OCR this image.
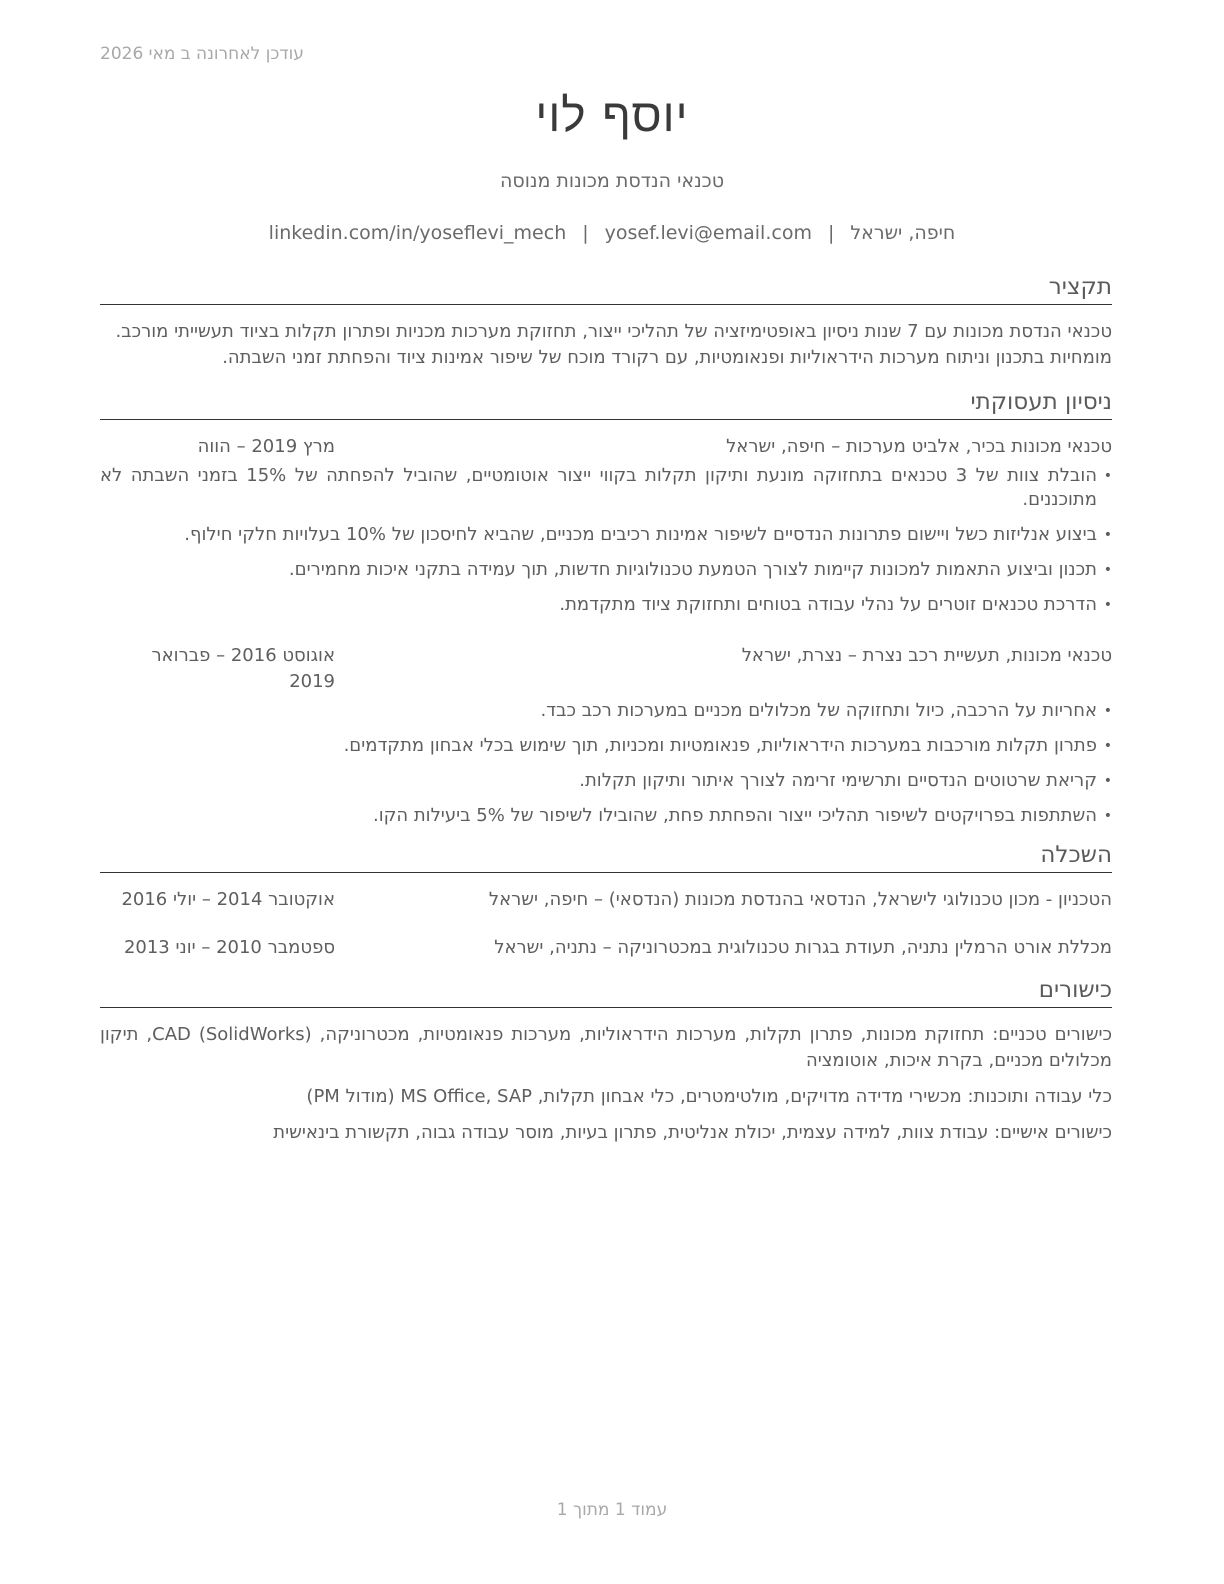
עודכן לאחרונה ב מאי 2026
יוסף לוי
טכנאי הנדסת מכונות מנוסה
linkedin.com/in/yoseflevi_mech | yosef.levi@email.com | חיפה, ישראל
תקציר

טכנאי הנדסת מכונות עם 7 שנות ניסיון באופטימיזציה של תהליכי ייצור, תחזוקת מערכות מכניות ופתרון תקלות בציוד תעשייתי מורכב.

מומחיות בתכנון וניתוח מערכות הידראוליות ופנאומטיות, עם רקורד מוכח של שיפור אמינות ציוד והפחתת זמני השבתה.

ניסיון תעסוקתי
טכנאי מכונות בכיר, אלביט מערכות – חיפה, ישראל
מרץ 2019 – הווה
• הובלת צוות של 3 טכנאים בתחזוקה מונעת ותיקון תקלות בקווי ייצור אוטומטיים, שהוביל להפחתה של 15% בזמני השבתה לא מתוכננים.
• ביצוע אנליזות כשל ויישום פתרונות הנדסיים לשיפור אמינות רכיבים מכניים, שהביא לחיסכון של 10% בעלויות חלקי חילוף.
• תכנון וביצוע התאמות למכונות קיימות לצורך הטמעת טכנולוגיות חדשות, תוך עמידה בתקני איכות מחמירים.
• הדרכת טכנאים זוטרים על נהלי עבודה בטוחים ותחזוקת ציוד מתקדמת.
טכנאי מכונות, תעשיית רכב נצרת – נצרת, ישראל
אוגוסט 2016 – פברואר 2019
• אחריות על הרכבה, כיול ותחזוקה של מכלולים מכניים במערכות רכב כבד.
• פתרון תקלות מורכבות במערכות הידראוליות, פנאומטיות ומכניות, תוך שימוש בכלי אבחון מתקדמים.
• קריאת שרטוטים הנדסיים ותרשימי זרימה לצורך איתור ותיקון תקלות.
• השתתפות בפרויקטים לשיפור תהליכי ייצור והפחתת פחת, שהובילו לשיפור של 5% ביעילות הקו.
השכלה
הטכניון - מכון טכנולוגי לישראל, הנדסאי בהנדסת מכונות (הנדסאי) – חיפה, ישראל
אוקטובר 2014 – יולי 2016
מכללת אורט הרמלין נתניה, תעודת בגרות טכנולוגית במכטרוניקה – נתניה, ישראל
ספטמבר 2010 – יוני 2013
כישורים

כישורים טכניים: תחזוקת מכונות, פתרון תקלות, מערכות הידראוליות, מערכות פנאומטיות, מכטרוניקה, CAD (SolidWorks), תיקון מכלולים מכניים, בקרת איכות, אוטומציה

כלי עבודה ותוכנות: מכשירי מדידה מדויקים, מולטימטרים, כלי אבחון תקלות, MS Office, SAP (מודול PM)

כישורים אישיים: עבודת צוות, למידה עצמית, יכולת אנליטית, פתרון בעיות, מוסר עבודה גבוה, תקשורת בינאישית

עמוד 1 מתוך 1
